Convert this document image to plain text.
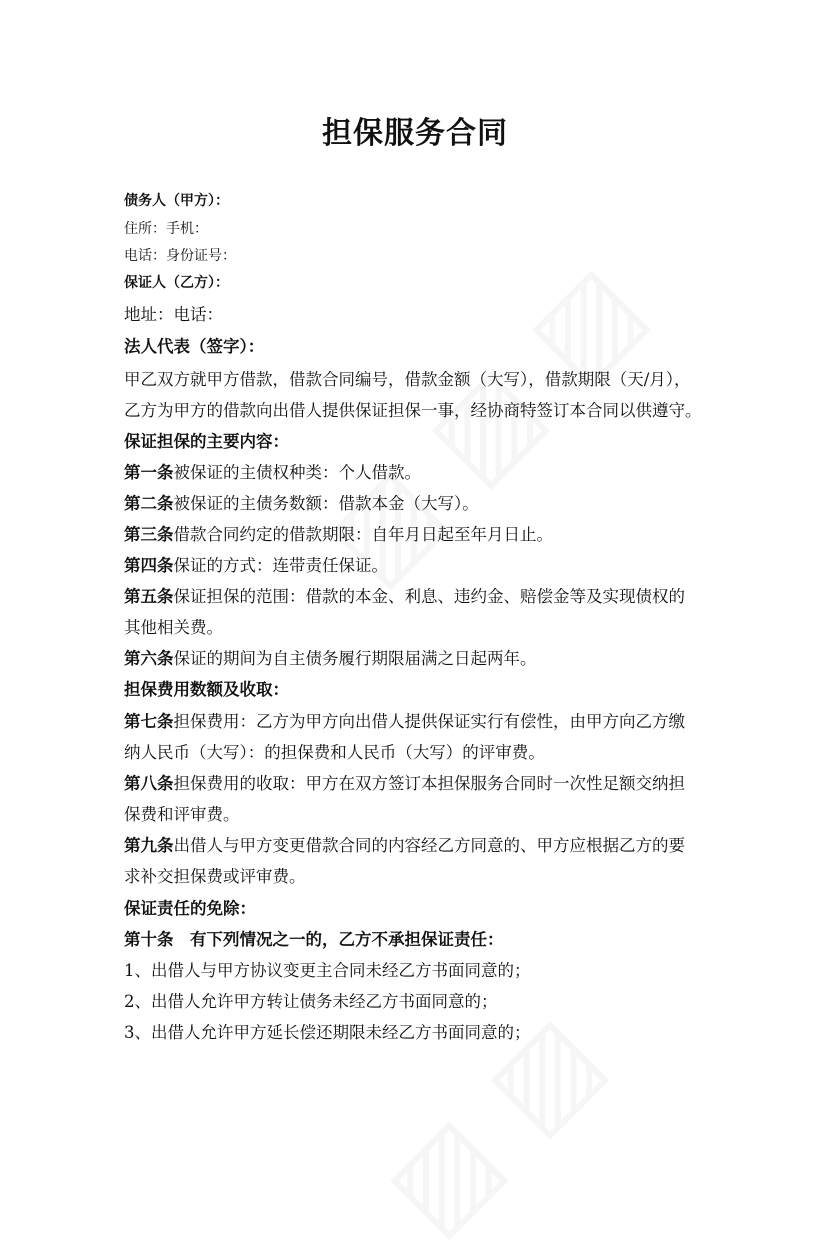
担保服务合同

债务人（甲方）：

住所：手机：

电话：身份证号：

保证人（乙方）：

地址：电话：

法人代表（签字）：

甲乙双方就甲方借款，借款合同编号，借款金额（大写），借款期限（天/月），

乙方为甲方的借款向出借人提供保证担保一事，经协商特签订本合同以供遵守。

保证担保的主要内容：

第一条被保证的主债权种类：个人借款。

第二条被保证的主债务数额：借款本金（大写）。

第三条借款合同约定的借款期限：自年月日起至年月日止。

第四条保证的方式：连带责任保证。

第五条保证担保的范围：借款的本金、利息、违约金、赔偿金等及实现债权的

其他相关费。

第六条保证的期间为自主债务履行期限届满之日起两年。

担保费用数额及收取：

第七条担保费用：乙方为甲方向出借人提供保证实行有偿性，由甲方向乙方缴

纳人民币（大写）：的担保费和人民币（大写）的评审费。

第八条担保费用的收取：甲方在双方签订本担保服务合同时一次性足额交纳担

保费和评审费。

第九条出借人与甲方变更借款合同的内容经乙方同意的、甲方应根据乙方的要

求补交担保费或评审费。

保证责任的免除：

第十条　有下列情况之一的，乙方不承担保证责任：

1、出借人与甲方协议变更主合同未经乙方书面同意的；

2、出借人允许甲方转让债务未经乙方书面同意的；

3、出借人允许甲方延长偿还期限未经乙方书面同意的；
